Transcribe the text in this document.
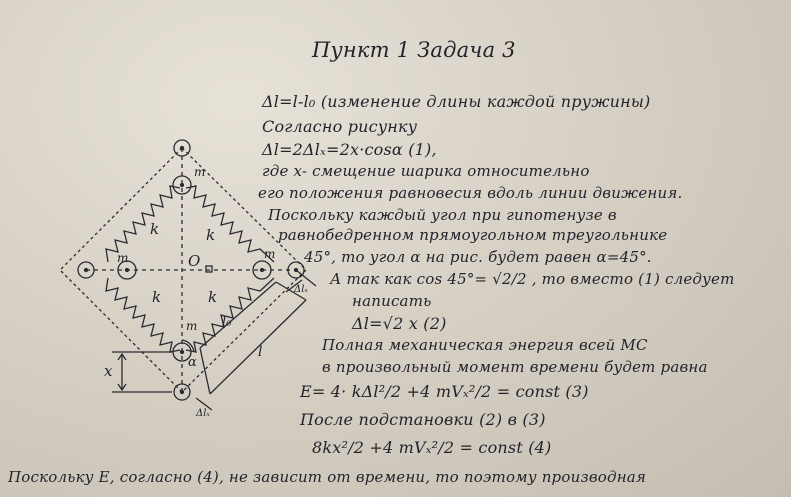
k	k
k	k
m
m	m
m
O
α
x
l₀
l
Δlₓ
Δlₓ

Пункт 1 Задача 3

Δl=l-l₀ (изменение длины каждой пружины)

Согласно рисунку

Δl=2Δlₓ=2x·cosα (1),

где x- смещение шарика относительно

его положения равновесия вдоль линии движения.

Поскольку каждый угол при гипотенузе в

равнобедренном прямоугольном треугольнике

45°, то угол α на рис. будет равен α=45°.

А так как cos 45°= √2/2 , то вместо (1) следует

написать

Δl=√2 x (2)

Полная механическая энергия всей МС

в произвольный момент времени будет равна

E= 4· kΔl²/2 +4 mVₓ²/2 = const (3)

После подстановки (2) в (3)

8kx²/2 +4 mVₓ²/2 = const (4)

Поскольку E, согласно (4), не зависит от времени, то поэтому производная
